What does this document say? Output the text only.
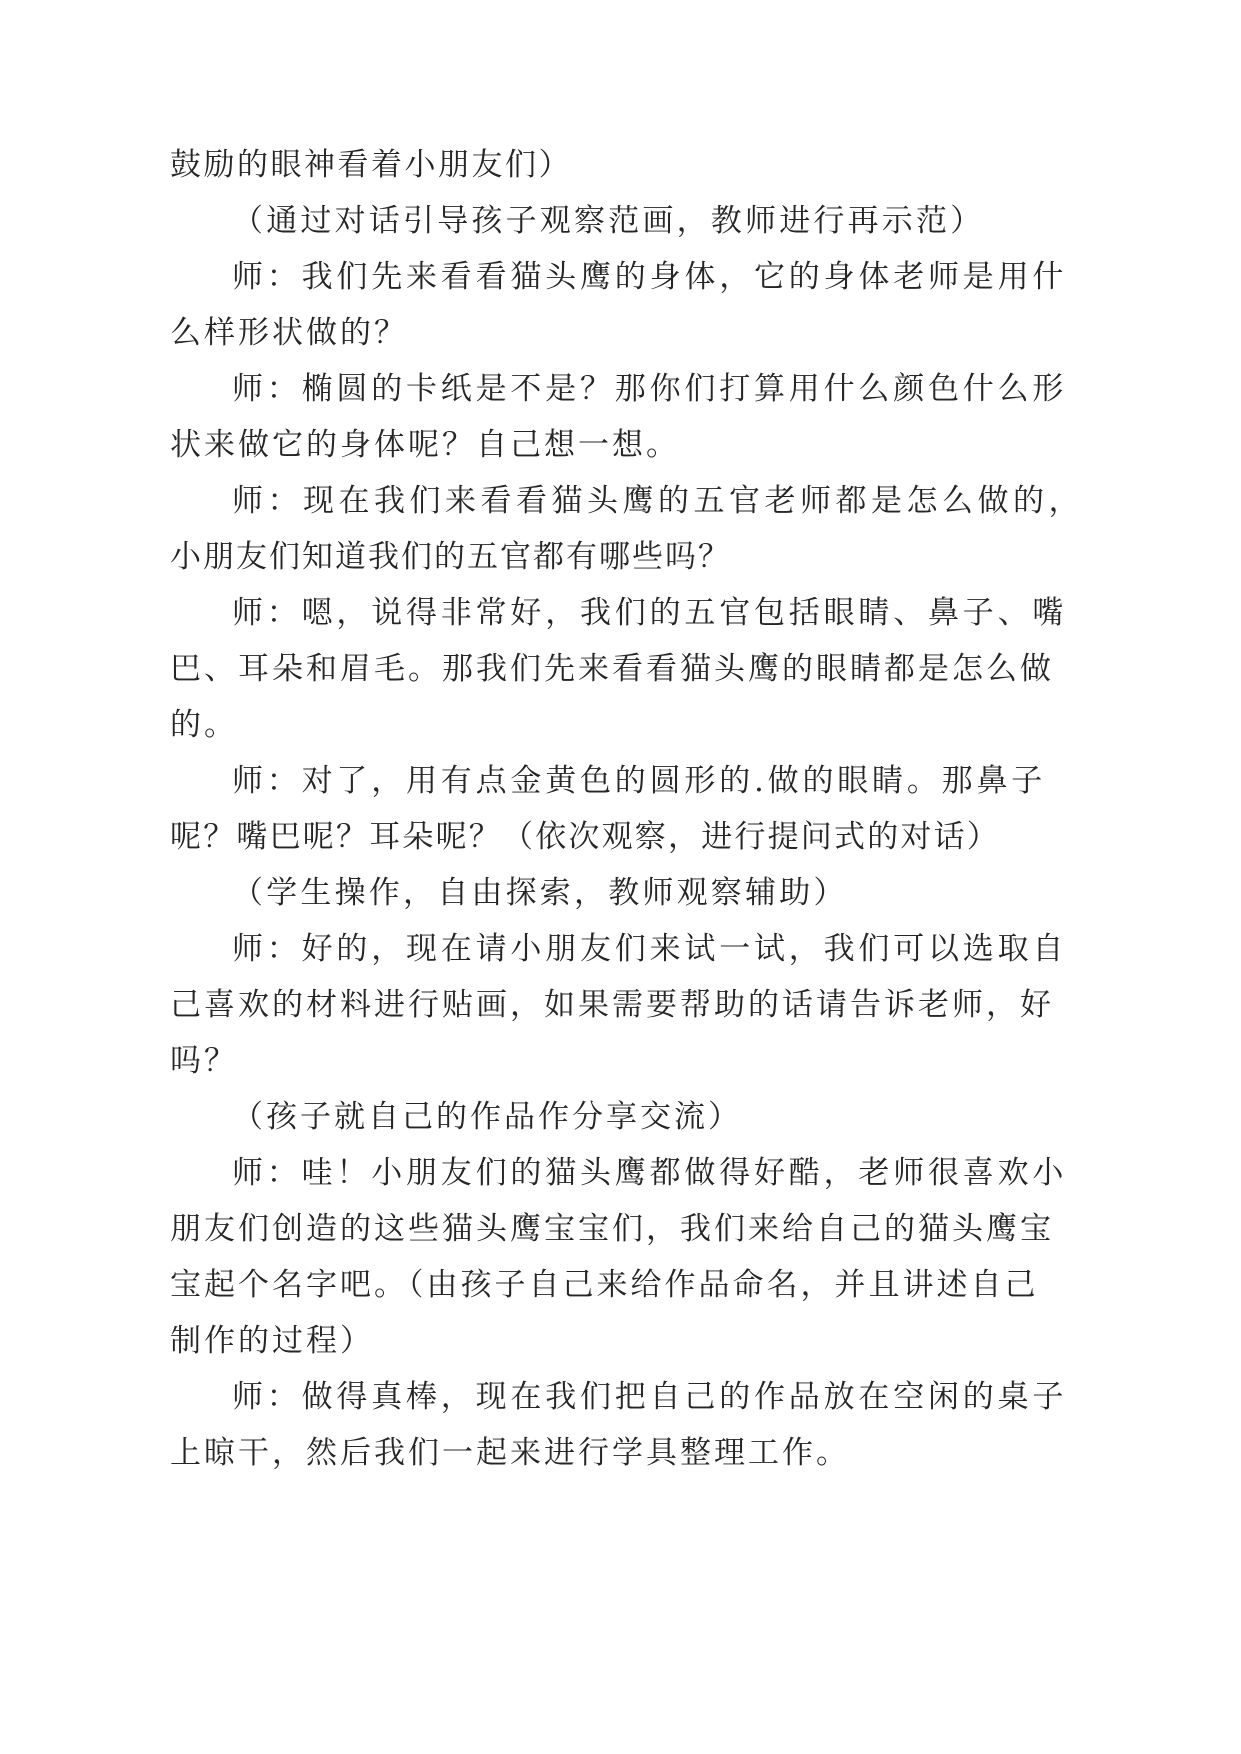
鼓励的眼神看着小朋友们）

（通过对话引导孩子观察范画，教师进行再示范）

师：我们先来看看猫头鹰的身体，它的身体老师是用什

么样形状做的？

师：椭圆的卡纸是不是？那你们打算用什么颜色什么形

状来做它的身体呢？自己想一想。

师：现在我们来看看猫头鹰的五官老师都是怎么做的，

小朋友们知道我们的五官都有哪些吗？

师：嗯，说得非常好，我们的五官包括眼睛、鼻子、嘴

巴、耳朵和眉毛。那我们先来看看猫头鹰的眼睛都是怎么做

的。

师：对了，用有点金黄色的圆形的.做的眼睛。那鼻子

呢？嘴巴呢？耳朵呢？（依次观察，进行提问式的对话）

（学生操作，自由探索，教师观察辅助）

师：好的，现在请小朋友们来试一试，我们可以选取自

己喜欢的材料进行贴画，如果需要帮助的话请告诉老师，好

吗？

（孩子就自己的作品作分享交流）

师：哇！小朋友们的猫头鹰都做得好酷，老师很喜欢小

朋友们创造的这些猫头鹰宝宝们，我们来给自己的猫头鹰宝

宝起个名字吧。（由孩子自己来给作品命名，并且讲述自己

制作的过程）

师：做得真棒，现在我们把自己的作品放在空闲的桌子

上晾干，然后我们一起来进行学具整理工作。
